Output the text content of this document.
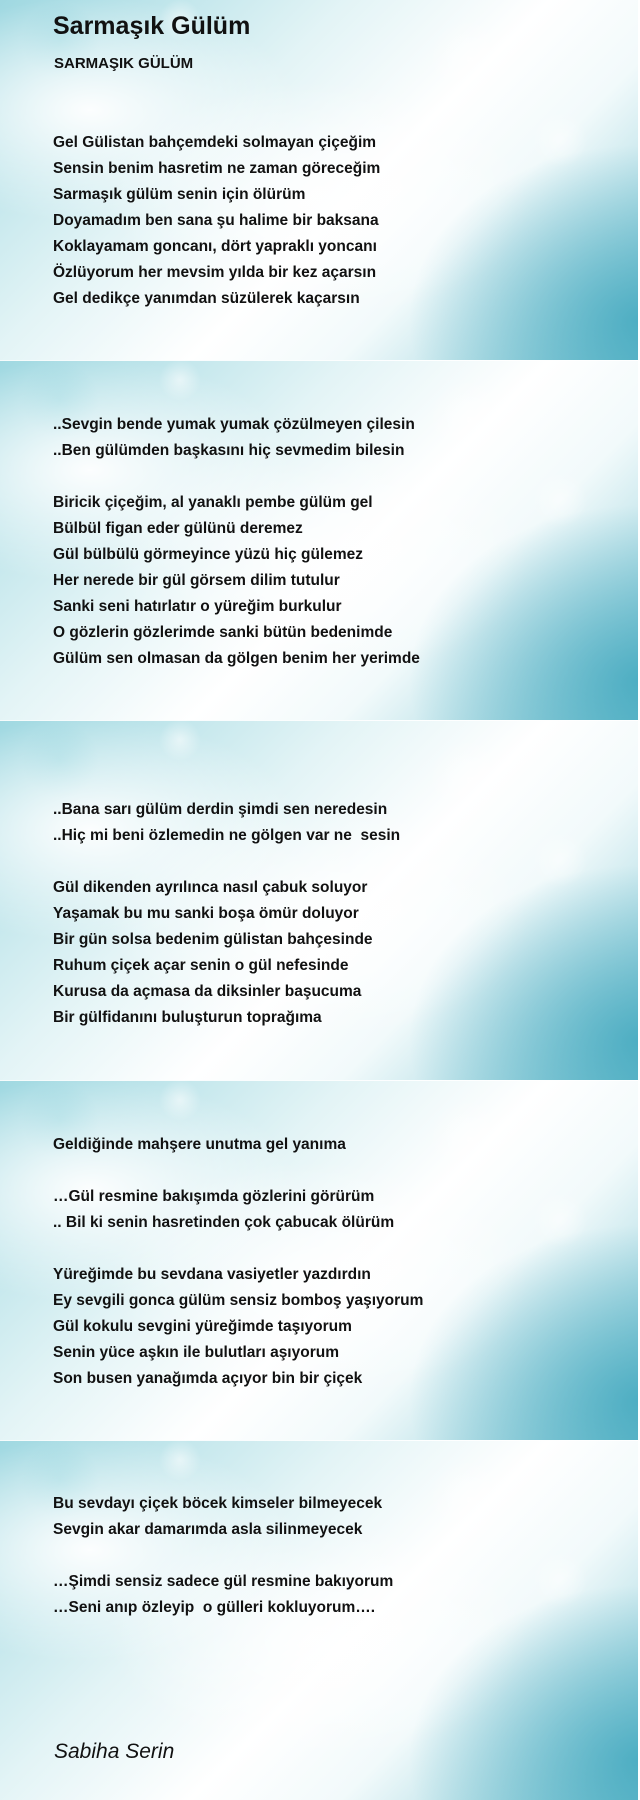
Sarmaşık Gülüm
SARMAŞIK GÜLÜM
Gel Gülistan bahçemdeki solmayan çiçeğim
Sensin benim hasretim ne zaman göreceğim
Sarmaşık gülüm senin için ölürüm
Doyamadım ben sana şu halime bir baksana
Koklayamam goncanı, dört yapraklı yoncanı
Özlüyorum her mevsim yılda bir kez açarsın
Gel dedikçe yanımdan süzülerek kaçarsın
..Sevgin bende yumak yumak çözülmeyen çilesin
..Ben gülümden başkasını hiç sevmedim bilesin
Biricik çiçeğim, al yanaklı pembe gülüm gel
Bülbül figan eder gülünü deremez
Gül bülbülü görmeyince yüzü hiç gülemez
Her nerede bir gül görsem dilim tutulur
Sanki seni hatırlatır o yüreğim burkulur
O gözlerin gözlerimde sanki bütün bedenimde
Gülüm sen olmasan da gölgen benim her yerimde
..Bana sarı gülüm derdin şimdi sen neredesin
..Hiç mi beni özlemedin ne gölgen var ne  sesin
Gül dikenden ayrılınca nasıl çabuk soluyor
Yaşamak bu mu sanki boşa ömür doluyor
Bir gün solsa bedenim gülistan bahçesinde
Ruhum çiçek açar senin o gül nefesinde
Kurusa da açmasa da diksinler başucuma
Bir gülfidanını buluşturun toprağıma
Geldiğinde mahşere unutma gel yanıma
…Gül resmine bakışımda gözlerini görürüm
.. Bil ki senin hasretinden çok çabucak ölürüm
Yüreğimde bu sevdana vasiyetler yazdırdın
Ey sevgili gonca gülüm sensiz bomboş yaşıyorum
Gül kokulu sevgini yüreğimde taşıyorum
Senin yüce aşkın ile bulutları aşıyorum
Son busen yanağımda açıyor bin bir çiçek
Bu sevdayı çiçek böcek kimseler bilmeyecek
Sevgin akar damarımda asla silinmeyecek
…Şimdi sensiz sadece gül resmine bakıyorum
…Seni anıp özleyip  o gülleri kokluyorum….
Sabiha Serin
